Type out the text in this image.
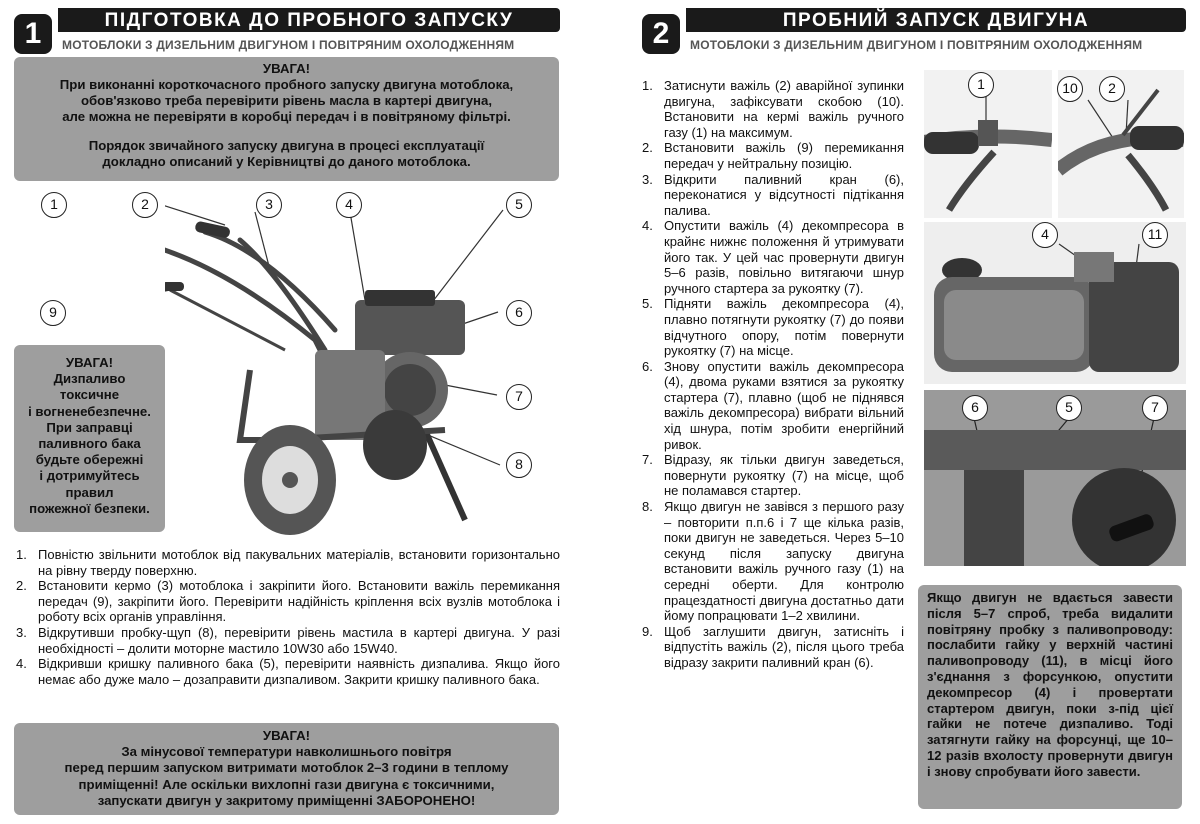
1	ПІДГОТОВКА ДО ПРОБНОГО ЗАПУСКУ
МОТОБЛОКИ З ДИЗЕЛЬНИМ ДВИГУНОМ І ПОВІТРЯНИМ ОХОЛОДЖЕННЯМ
УВАГА!
При виконанні короткочасного пробного запуску двигуна мотоблока,
обов'язково треба перевірити рівень масла в картері двигуна,
але можна не перевіряти в коробці передач і в повітряному фільтрі.
Порядок звичайного запуску двигуна в процесі експлуатації
докладно описаний у Керівництві до даного мотоблока.
1	2	3	4	5
9	6
7
8
УВАГА!
Дизпаливо
токсичне
і вогненебезпечне.
При заправці
паливного бака
будьте обережні
і дотримуйтесь
правил
пожежної безпеки.
1. Повністю звільнити мотоблок від пакувальних матеріалів, встановити горизонтально на рівну тверду поверхню.
2. Встановити кермо (3) мотоблока і закріпити його. Встановити важіль перемикання передач (9), закріпити його. Перевірити надійність кріплення всіх вузлів мотоблока і роботу всіх органів управління.
3. Відкрутивши пробку-щуп (8), перевірити рівень мастила в картері двигуна. У разі необхідності – долити моторне мастило 10W30 або 15W40.
4. Відкривши кришку паливного бака (5), перевірити наявність дизпалива. Якщо його немає або дуже мало – дозаправити дизпаливом. Закрити кришку паливного бака.
УВАГА!
За мінусової температури навколишнього повітря
перед першим запуском витримати мотоблок 2–3 години в теплому
приміщенні! Але оскільки вихлопні гази двигуна є токсичними,
запускати двигун у закритому приміщенні ЗАБОРОНЕНО!
2	ПРОБНИЙ ЗАПУСК ДВИГУНА
МОТОБЛОКИ З ДИЗЕЛЬНИМ ДВИГУНОМ І ПОВІТРЯНИМ ОХОЛОДЖЕННЯМ
1. Затиснути важіль (2) аварійної зупинки двигуна, зафіксувати скобою (10). Встановити на кермі важіль ручного газу (1) на максимум.
2. Встановити важіль (9) перемикання передач у нейтральну позицію.
3. Відкрити паливний кран (6), переконатися у відсутності підтікання палива.
4. Опустити важіль (4) декомпресора в крайнє нижнє положення й утримувати його так. У цей час провернути двигун 5–6 разів, повільно витягаючи шнур ручного стартера за рукоятку (7).
5. Підняти важіль декомпресора (4), плавно потягнути рукоятку (7) до появи відчутного опору, потім повернути рукоятку (7) на місце.
6. Знову опустити важіль декомпресора (4), двома руками взятися за рукоятку стартера (7), плавно (щоб не піднявся важіль декомпресора) вибрати вільний хід шнура, потім зробити енергійний ривок.
7. Відразу, як тільки двигун заведеться, повернути рукоятку (7) на місце, щоб не поламався стартер.
8. Якщо двигун не завівся з першого разу – повторити п.п.6 і 7 ще кілька разів, поки двигун не заведеться. Через 5–10 секунд після запуску двигуна встановити важіль ручного газу (1) на середні оберти. Для контролю працездатності двигуна достатньо дати йому попрацювати 1–2 хвилини.
9. Щоб заглушити двигун, затисніть і відпустіть важіль (2), після цього треба відразу закрити паливний кран (6).
1	10	2
4	11
6	5	7
Якщо двигун не вдається завести після 5–7 спроб, треба видалити повітряну пробку з паливопроводу: послабити гайку у верхній частині паливопроводу (11), в місці його з'єднання з форсункою, опустити декомпресор (4) і провертати стартером двигун, поки з-під цієї гайки не потече дизпаливо. Тоді затягнути гайку на форсунці, ще 10–12 разів вхолосту провернути двигун і знову спробувати його завести.
